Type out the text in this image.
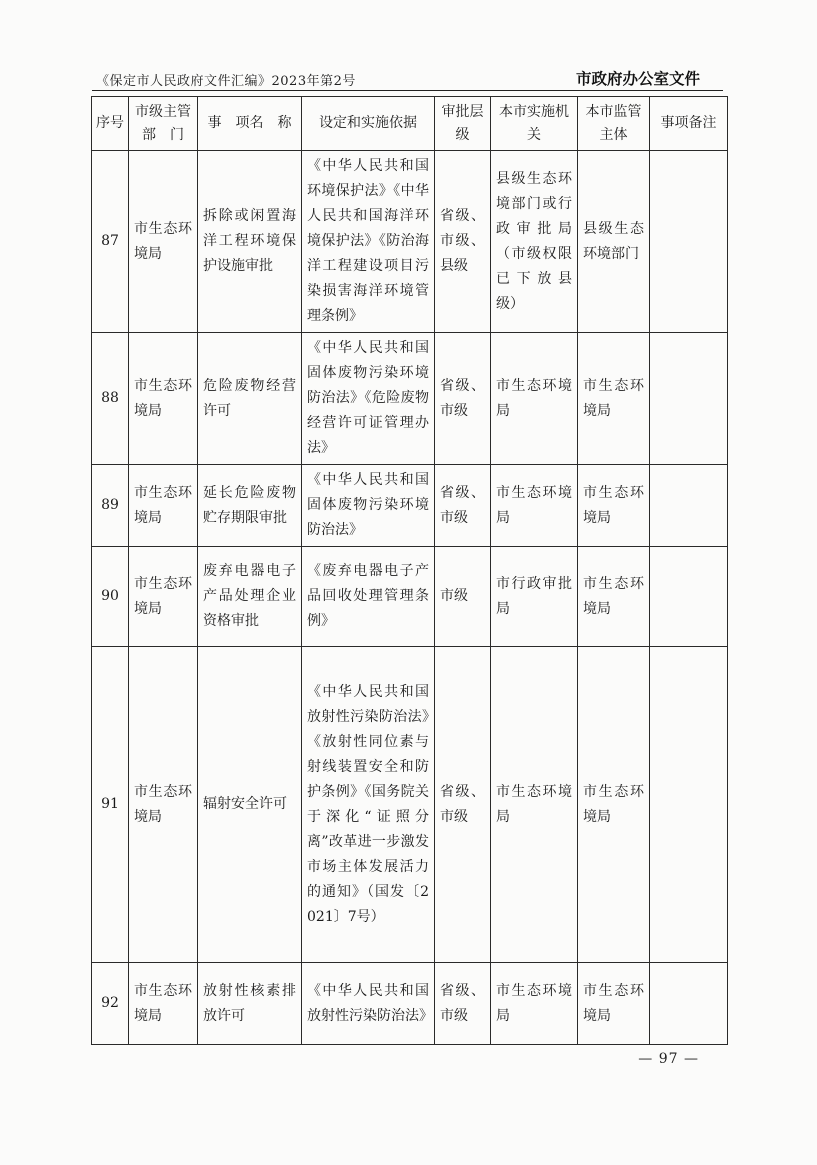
《保定市人民政府文件汇编》2023年第2号	市政府办公室文件
序号	市级主管部　门	事　项名　称	设定和实施依据	审批层级	本市实施机关	本市监管主体	事项备注
87	市生态环境局	拆除或闲置海洋工程环境保护设施审批	《中华人民共和国环境保护法》《中华人民共和国海洋环境保护法》《防治海洋工程建设项目污染损害海洋环境管理条例》	省级、市级、县级	县级生态环境部门或行政审批局（市级权限已下放县级）	县级生态环境部门	

88	市生态环境局	危险废物经营许可	《中华人民共和国固体废物污染环境防治法》《危险废物经营许可证管理办法》	省级、市级	市生态环境局	市生态环境局	

89	市生态环境局	延长危险废物贮存期限审批	《中华人民共和国固体废物污染环境防治法》	省级、市级	市生态环境局	市生态环境局	

90	市生态环境局	废弃电器电子产品处理企业资格审批	《废弃电器电子产品回收处理管理条例》	市级	市行政审批局	市生态环境局	

91	市生态环境局	辐射安全许可	《中华人民共和国放射性污染防治法》《放射性同位素与射线装置安全和防护条例》《国务院关于深化“证照分离”改革进一步激发市场主体发展活力的通知》（国发〔2021〕7号）	省级、市级	市生态环境局	市生态环境局	

92	市生态环境局	放射性核素排放许可	《中华人民共和国放射性污染防治法》	省级、市级	市生态环境局	市生态环境局	

— 97 —
